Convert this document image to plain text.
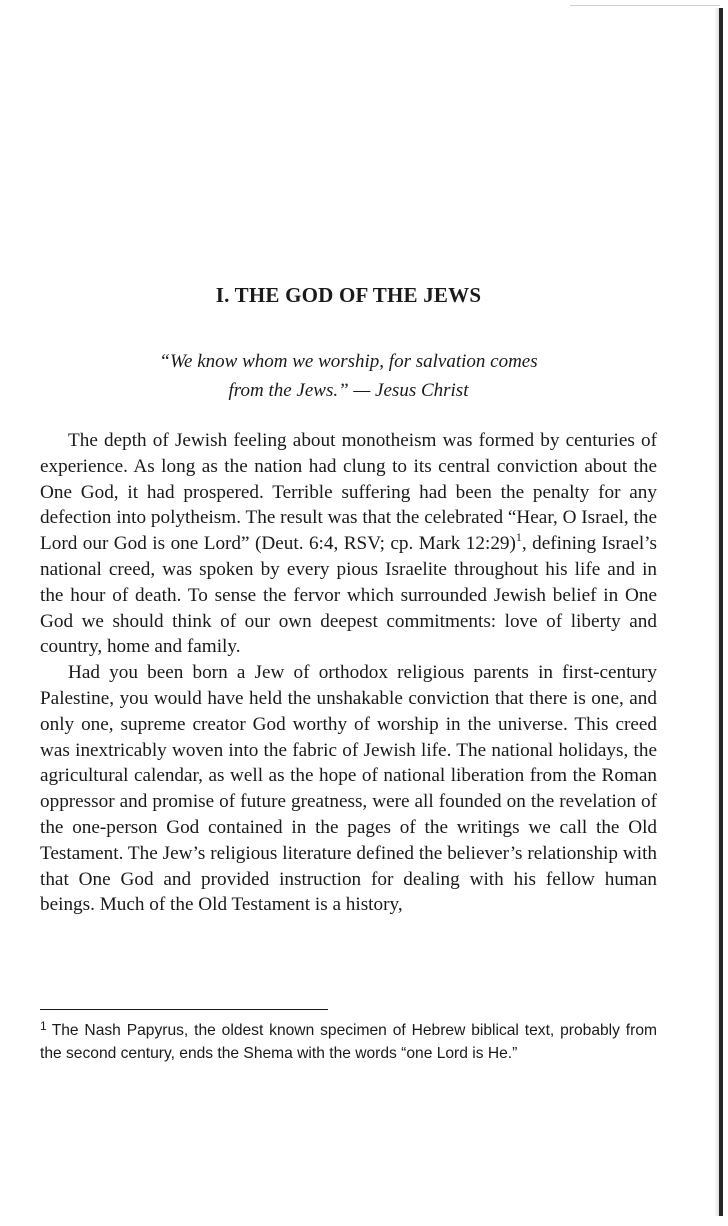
I. THE GOD OF THE JEWS
“We know whom we worship, for salvation comes
from the Jews.” — Jesus Christ

The depth of Jewish feeling about monotheism was formed by centuries of experience. As long as the nation had clung to its central conviction about the One God, it had prospered. Terrible suffering had been the penalty for any defection into polytheism. The result was that the celebrated “Hear, O Israel, the Lord our God is one Lord” (Deut. 6:4, RSV; cp. Mark 12:29)$^1$, defining Israel’s national creed, was spoken by every pious Israelite throughout his life and in the hour of death. To sense the fervor which surrounded Jewish belief in One God we should think of our own deepest commitments: love of liberty and country, home and family.

Had you been born a Jew of orthodox religious parents in first-century Palestine, you would have held the unshakable conviction that there is one, and only one, supreme creator God worthy of worship in the universe. This creed was inextricably woven into the fabric of Jewish life. The national holidays, the agricultural calendar, as well as the hope of national liberation from the Roman oppressor and promise of future greatness, were all founded on the revelation of the one-person God contained in the pages of the writings we call the Old Testament. The Jew’s religious literature defined the believer’s relationship with that One God and provided instruction for dealing with his fellow human beings. Much of the Old Testament is a history,

$^1$ The Nash Papyrus, the oldest known specimen of Hebrew biblical text, probably from the second century, ends the Shema with the words “one Lord is He.”
